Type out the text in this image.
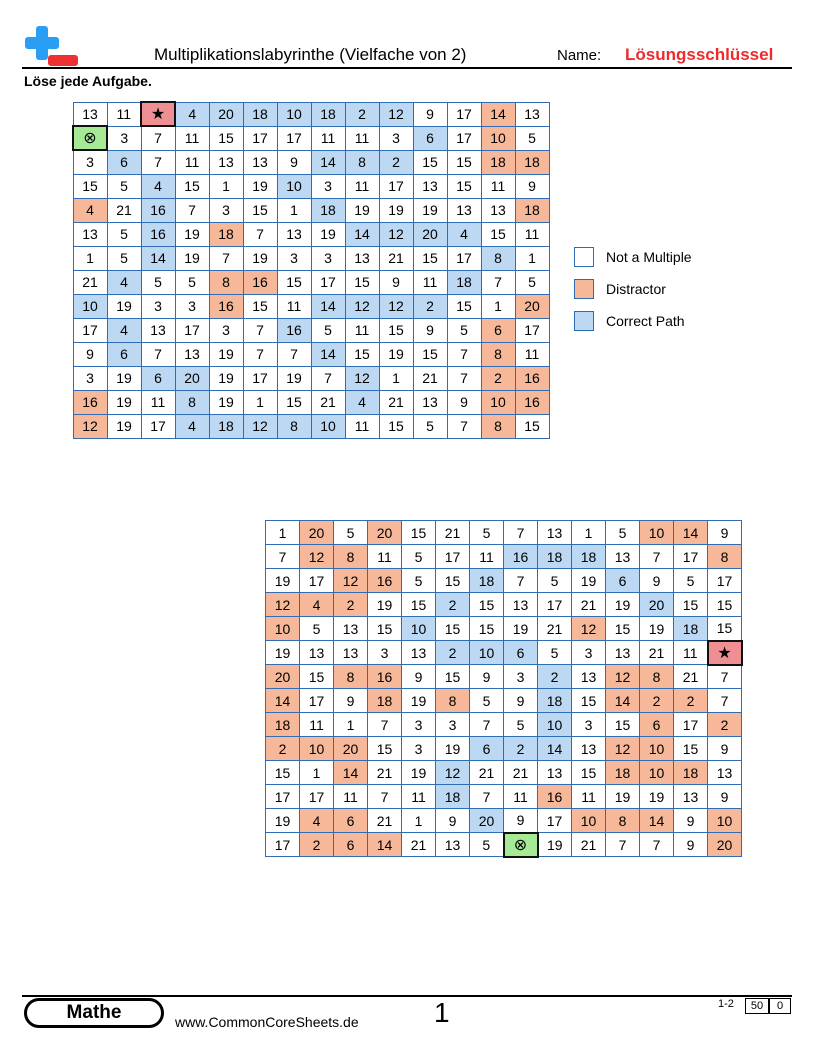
Multiplikationslabyrinthe (Vielfache von 2)	Name: Lösungsschlüssel
Löse jede Aufgabe.
13	11	★	4	20	18	10	18	2	12	9	17	14	13
⊗	3	7	11	15	17	17	11	11	3	6	17	10	5
3	6	7	11	13	13	9	14	8	2	15	15	18	18
15	5	4	15	1	19	10	3	11	17	13	15	11	9
4	21	16	7	3	15	1	18	19	19	19	13	13	18
13	5	16	19	18	7	13	19	14	12	20	4	15	11
1	5	14	19	7	19	3	3	13	21	15	17	8	1
21	4	5	5	8	16	15	17	15	9	11	18	7	5
10	19	3	3	16	15	11	14	12	12	2	15	1	20
17	4	13	17	3	7	16	5	11	15	9	5	6	17
9	6	7	13	19	7	7	14	15	19	15	7	8	11
3	19	6	20	19	17	19	7	12	1	21	7	2	16
16	19	11	8	19	1	15	21	4	21	13	9	10	16
12	19	17	4	18	12	8	10	11	15	5	7	8	15
1	20	5	20	15	21	5	7	13	1	5	10	14	9
7	12	8	11	5	17	11	16	18	18	13	7	17	8
19	17	12	16	5	15	18	7	5	19	6	9	5	17
12	4	2	19	15	2	15	13	17	21	19	20	15	15
10	5	13	15	10	15	15	19	21	12	15	19	18	15
19	13	13	3	13	2	10	6	5	3	13	21	11	★
20	15	8	16	9	15	9	3	2	13	12	8	21	7
14	17	9	18	19	8	5	9	18	15	14	2	2	7
18	11	1	7	3	3	7	5	10	3	15	6	17	2
2	10	20	15	3	19	6	2	14	13	12	10	15	9
15	1	14	21	19	12	21	21	13	15	18	10	18	13
17	17	11	7	11	18	7	11	16	11	19	19	13	9
19	4	6	21	1	9	20	9	17	10	8	14	9	10
17	2	6	14	21	13	5	⊗	19	21	7	7	9	20
Not a Multiple
Distractor
Correct Path
Mathe	www.CommonCoreSheets.de	1	1-2	50	0
